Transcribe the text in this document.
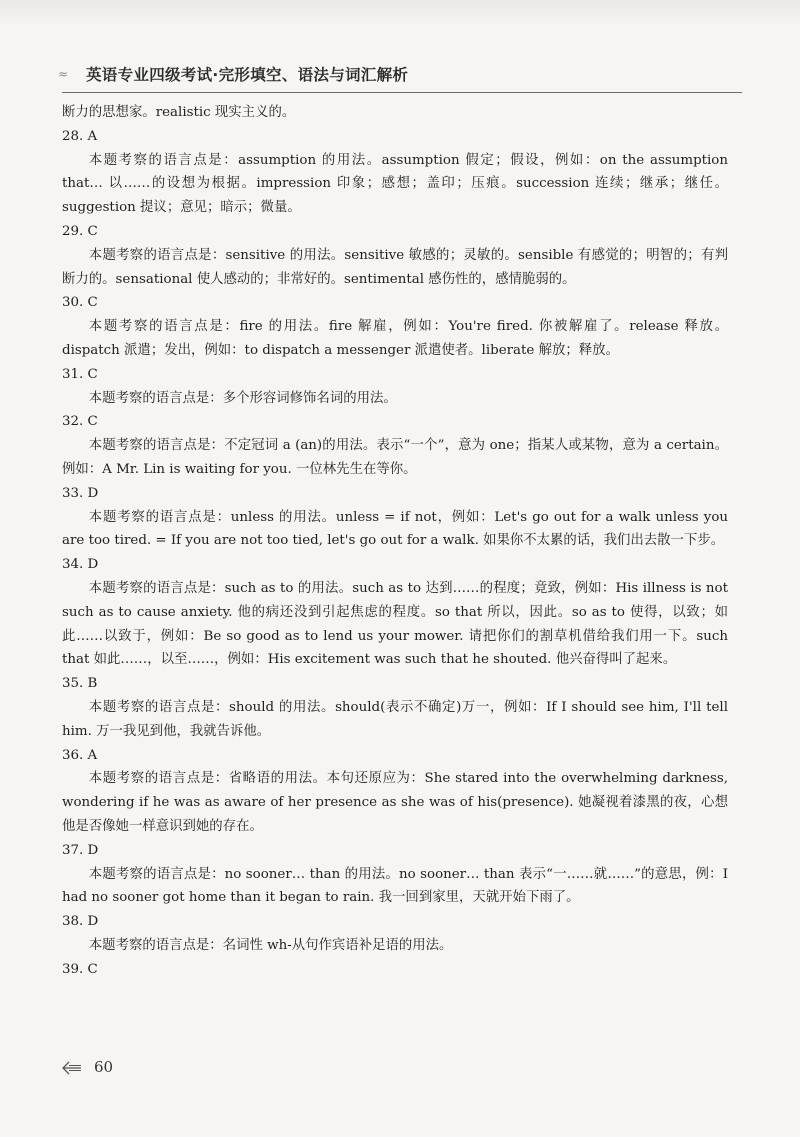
≈	英语专业四级考试·完形填空、语法与词汇解析

断力的思想家。realistic 现实主义的。

28. A

本题考察的语言点是：assumption 的用法。assumption 假定；假设，例如：on the assumption that… 以……的设想为根据。impression 印象；感想；盖印；压痕。succession 连续；继承；继任。suggestion 提议；意见；暗示；微量。

29. C

本题考察的语言点是：sensitive 的用法。sensitive 敏感的；灵敏的。sensible 有感觉的；明智的；有判断力的。sensational 使人感动的；非常好的。sentimental 感伤性的，感情脆弱的。

30. C

本题考察的语言点是：fire 的用法。fire 解雇，例如：You're fired. 你被解雇了。release 释放。dispatch 派遣；发出，例如：to dispatch a messenger 派遣使者。liberate 解放；释放。

31. C

本题考察的语言点是：多个形容词修饰名词的用法。

32. C

本题考察的语言点是：不定冠词 a (an)的用法。表示“一个”，意为 one；指某人或某物，意为 a certain。例如：A Mr. Lin is waiting for you. 一位林先生在等你。

33. D

本题考察的语言点是：unless 的用法。unless = if not，例如：Let's go out for a walk unless you are too tired. = If you are not too tied, let's go out for a walk. 如果你不太累的话，我们出去散一下步。

34. D

本题考察的语言点是：such as to 的用法。such as to 达到……的程度；竟致，例如：His illness is not such as to cause anxiety. 他的病还没到引起焦虑的程度。so that 所以，因此。so as to 使得，以致；如此……以致于，例如：Be so good as to lend us your mower. 请把你们的割草机借给我们用一下。such that 如此……，以至……，例如：His excitement was such that he shouted. 他兴奋得叫了起来。

35. B

本题考察的语言点是：should 的用法。should(表示不确定)万一，例如：If I should see him, I'll tell him. 万一我见到他，我就告诉他。

36. A

本题考察的语言点是：省略语的用法。本句还原应为：She stared into the overwhelming darkness, wondering if he was as aware of her presence as she was of his(presence). 她凝视着漆黑的夜，心想他是否像她一样意识到她的存在。

37. D

本题考察的语言点是：no sooner… than 的用法。no sooner… than 表示“一……就……”的意思，例：I had no sooner got home than it began to rain. 我一回到家里，天就开始下雨了。

38. D

本题考察的语言点是：名词性 wh-从句作宾语补足语的用法。

39. C

60
